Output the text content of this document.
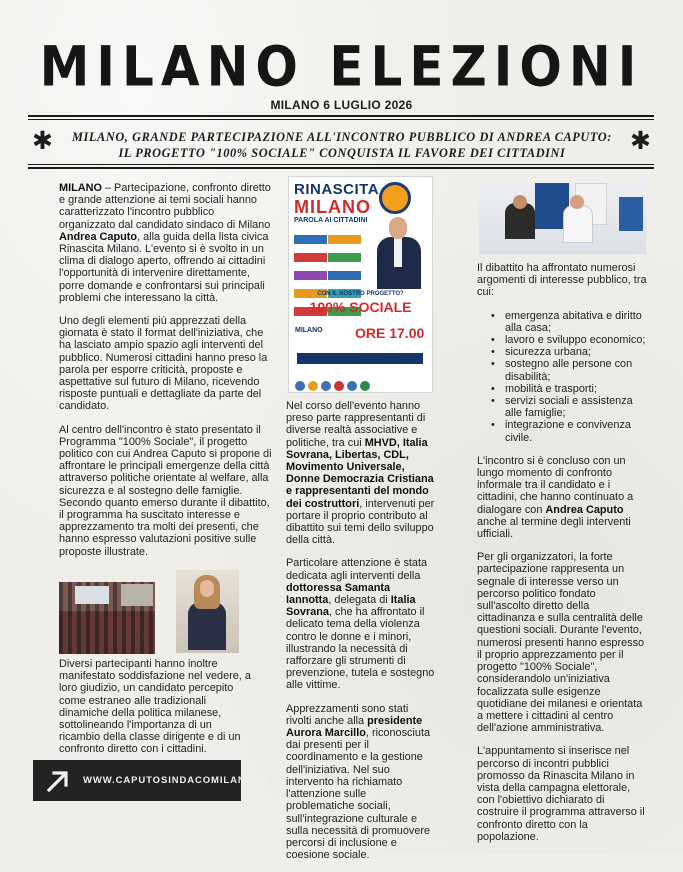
MILANO ELEZIONI
MILANO 6 LUGLIO 2026
✱	✱
MILANO, GRANDE PARTECIPAZIONE ALL'INCONTRO PUBBLICO DI ANDREA CAPUTO:
IL PROGETTO "100% SOCIALE" CONQUISTA IL FAVORE DEI CITTADINI

MILANO – Partecipazione, confronto diretto e grande attenzione ai temi sociali hanno caratterizzato l'incontro pubblico organizzato dal candidato sindaco di Milano Andrea Caputo, alla guida della lista civica Rinascita Milano. L'evento si è svolto in un clima di dialogo aperto, offrendo ai cittadini l'opportunità di intervenire direttamente, porre domande e confrontarsi sui principali problemi che interessano la città.

Uno degli elementi più apprezzati della giornata è stato il format dell'iniziativa, che ha lasciato ampio spazio agli interventi del pubblico. Numerosi cittadini hanno preso la parola per esporre criticità, proposte e aspettative sul futuro di Milano, ricevendo risposte puntuali e dettagliate da parte del candidato.

Al centro dell'incontro è stato presentato il Programma "100% Sociale", il progetto politico con cui Andrea Caputo si propone di affrontare le principali emergenze della città attraverso politiche orientate al welfare, alla sicurezza e al sostegno delle famiglie. Secondo quanto emerso durante il dibattito, il programma ha suscitato interesse e apprezzamento tra molti dei presenti, che hanno espresso valutazioni positive sulle proposte illustrate.

Diversi partecipanti hanno inoltre manifestato soddisfazione nel vedere, a loro giudizio, un candidato percepito come estraneo alle tradizionali dinamiche della politica milanese, sottolineando l'importanza di un ricambio della classe dirigente e di un confronto diretto con i cittadini.

RINASCITA
MILANO
PAROLA AI CITTADINI

CON IL NOSTRO PROGETTO?
100% SOCIALE
MILANO ORE 17.00

Nel corso dell'evento hanno preso parte rappresentanti di diverse realtà associative e politiche, tra cui MHVD, Italia Sovrana, Libertas, CDL, Movimento Universale, Donne Democrazia Cristiana e rappresentanti del mondo dei costruttori, intervenuti per portare il proprio contributo al dibattito sui temi dello sviluppo della città.

Particolare attenzione è stata dedicata agli interventi della dottoressa Samanta Iannotta, delegata di Italia Sovrana, che ha affrontato il delicato tema della violenza contro le donne e i minori, illustrando la necessità di rafforzare gli strumenti di prevenzione, tutela e sostegno alle vittime.

Apprezzamenti sono stati rivolti anche alla presidente Aurora Marcillo, riconosciuta dai presenti per il coordinamento e la gestione dell'iniziativa. Nel suo intervento ha richiamato l'attenzione sulle problematiche sociali, sull'integrazione culturale e sulla necessità di promuovere percorsi di inclusione e coesione sociale.

Il dibattito ha affrontato numerosi argomenti di interesse pubblico, tra cui:

• emergenza abitativa e diritto alla casa;
• lavoro e sviluppo economico;
• sicurezza urbana;
• sostegno alle persone con disabilità;
• mobilità e trasporti;
• servizi sociali e assistenza alle famiglie;
• integrazione e convivenza civile.

L'incontro si è concluso con un lungo momento di confronto informale tra il candidato e i cittadini, che hanno continuato a dialogare con Andrea Caputo anche al termine degli interventi ufficiali.

Per gli organizzatori, la forte partecipazione rappresenta un segnale di interesse verso un percorso politico fondato sull'ascolto diretto della cittadinanza e sulla centralità delle questioni sociali. Durante l'evento, numerosi presenti hanno espresso il proprio apprezzamento per il progetto "100% Sociale", considerandolo un'iniziativa focalizzata sulle esigenze quotidiane dei milanesi e orientata a mettere i cittadini al centro dell'azione amministrativa.

L'appuntamento si inserisce nel percorso di incontri pubblici promosso da Rinascita Milano in vista della campagna elettorale, con l'obiettivo dichiarato di costruire il programma attraverso il confronto diretto con la popolazione.

WWW.CAPUTOSINDACOMILANO.IT
